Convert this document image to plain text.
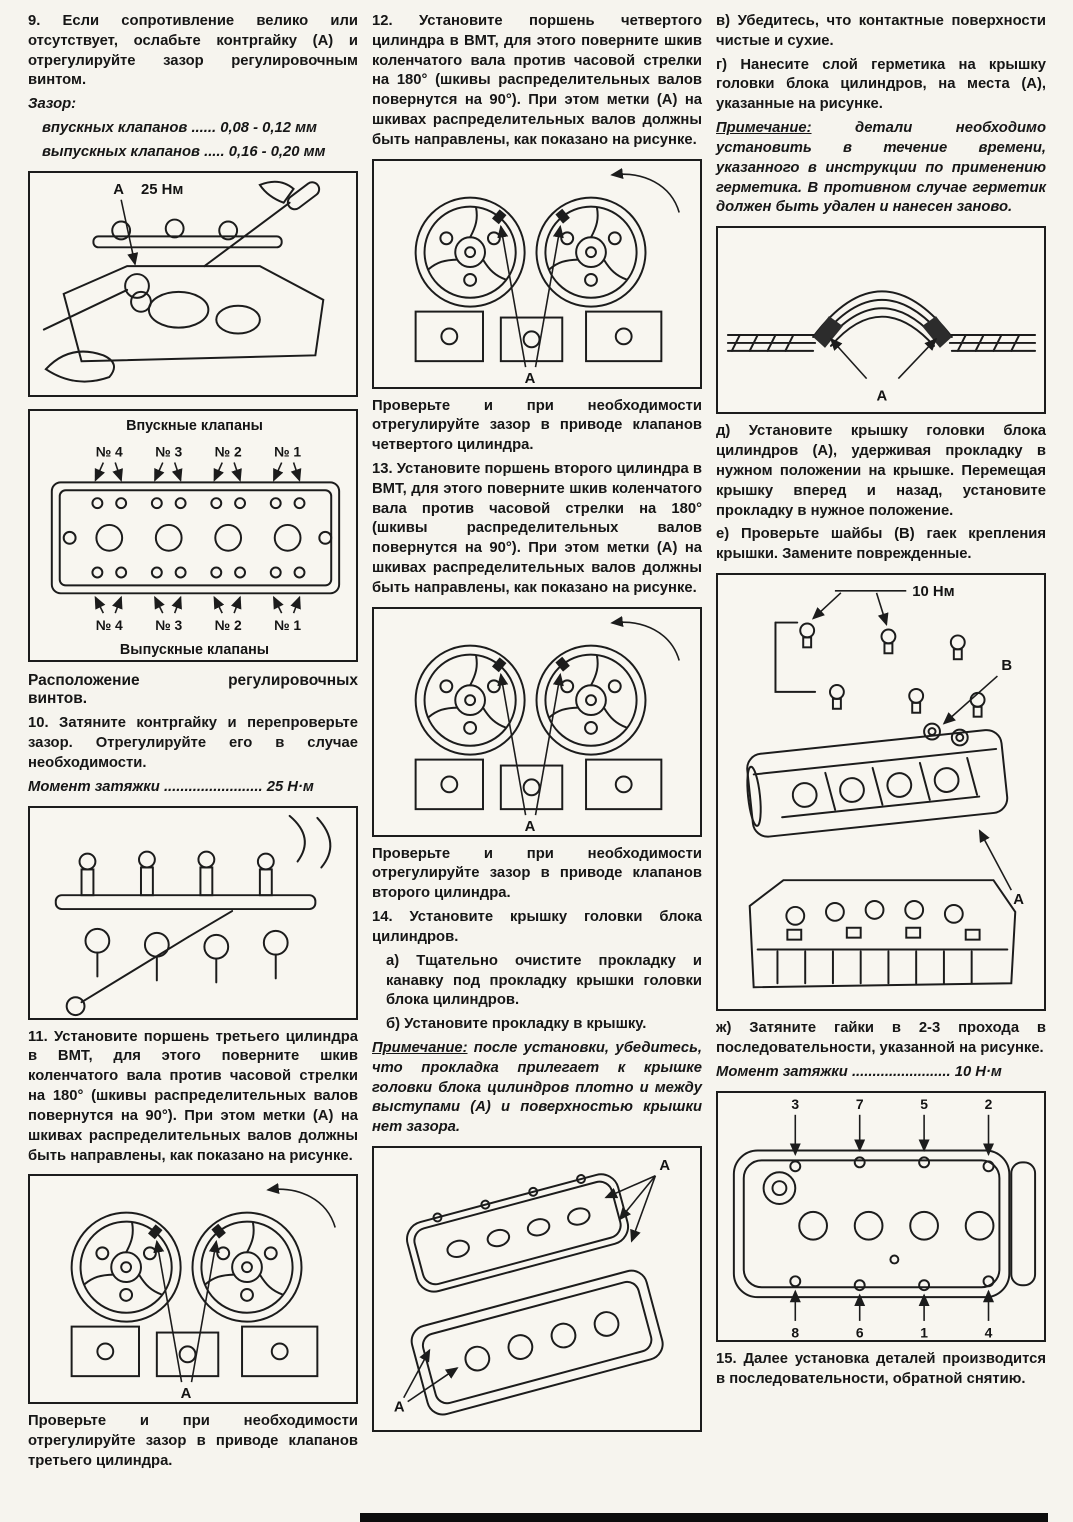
9. Если сопротивление велико или отсутствует, ослабьте контргайку (А) и отрегулируйте зазор регулировочным винтом.

Зазор:

впускных клапанов ...... 0,08 - 0,12 мм

выпускных клапанов ..... 0,16 - 0,20 мм

А 25 Нм
Впускные клапаны
№ 4 № 3 № 2 № 1
№ 4 № 3 № 2 № 1
Выпускные клапаны
Расположение	регулировочных
винтов.

10. Затяните контргайку и перепроверьте зазор. Отрегулируйте его в случае необходимости.

Момент затяжки ........................ 25 Н·м

11. Установите поршень третьего цилиндра в ВМТ, для этого поверните шкив коленчатого вала против часовой стрелки на 180° (шкивы распределительных валов повернутся на 90°). При этом метки (А) на шкивах распределительных валов должны быть направлены, как показано на рисунке.

А

Проверьте и при необходимости отрегулируйте зазор в приводе клапанов третьего цилиндра.

12. Установите поршень четвертого цилиндра в ВМТ, для этого поверните шкив коленчатого вала против часовой стрелки на 180° (шкивы распределительных валов повернутся на 90°). При этом метки (А) на шкивах распределительных валов должны быть направлены, как показано на рисунке.

А

Проверьте и при необходимости отрегулируйте зазор в приводе клапанов четвертого цилиндра.

13. Установите поршень второго цилиндра в ВМТ, для этого поверните шкив коленчатого вала против часовой стрелки на 180° (шкивы распределительных валов повернутся на 90°). При этом метки (А) на шкивах распределительных валов должны быть направлены, как показано на рисунке.

А

Проверьте и при необходимости отрегулируйте зазор в приводе клапанов второго цилиндра.

14. Установите крышку головки блока цилиндров.

а) Тщательно очистите прокладку и канавку под прокладку крышки головки блока цилиндров.

б) Установите прокладку в крышку.

Примечание: после установки, убедитесь, что прокладка прилегает к крышке головки блока цилиндров плотно и между выступами (А) и поверхностью крышки нет зазора.

А
А

в) Убедитесь, что контактные поверхности чистые и сухие.

г) Нанесите слой герметика на крышку головки блока цилиндров, на места (А), указанные на рисунке.

Примечание: детали необходимо установить в течение времени, указанного в инструкции по применению герметика. В противном случае герметик должен быть удален и нанесен заново.

А

д) Установите крышку головки блока цилиндров (А), удерживая прокладку в нужном положении на крышке. Перемещая крышку вперед и назад, установите прокладку в нужное положение.

е) Проверьте шайбы (В) гаек крепления крышки. Замените поврежденные.

10 Нм
В
А

ж) Затяните гайки в 2-3 прохода в последовательности, указанной на рисунке.

Момент затяжки ........................ 10 Н·м

3	7	5	2
8	6	1	4

15. Далее установка деталей производится в последовательности, обратной снятию.
